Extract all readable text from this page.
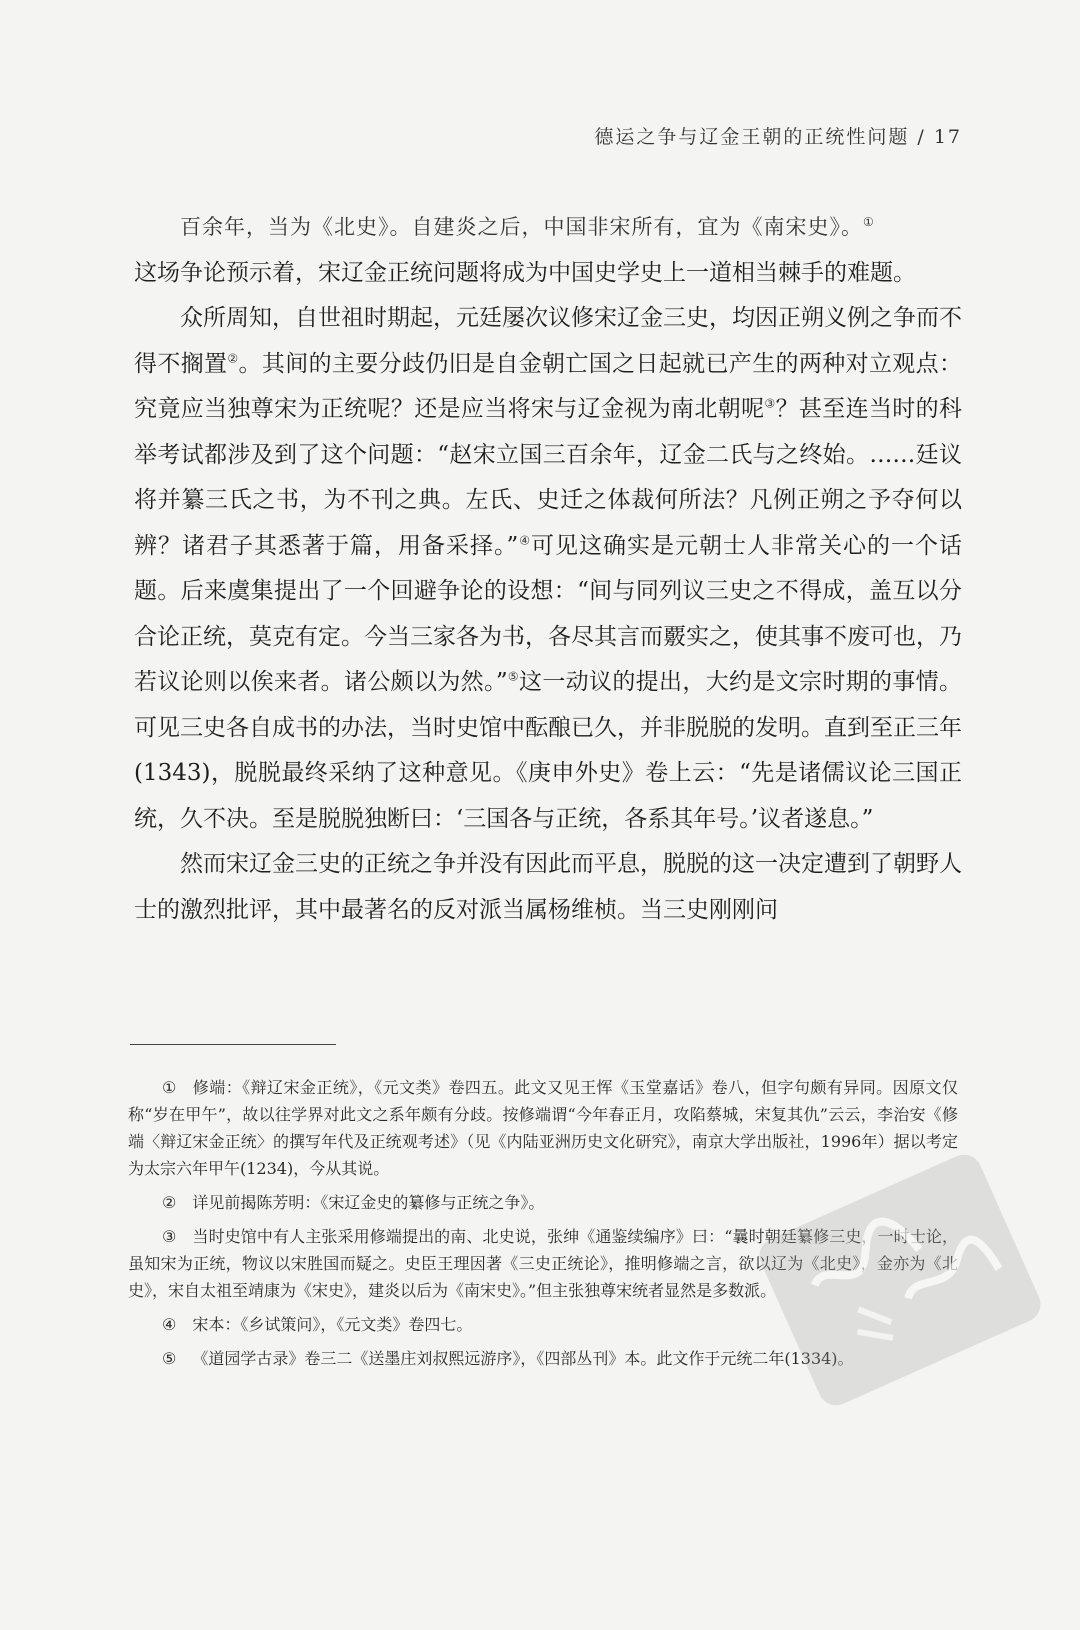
德运之争与辽金王朝的正统性问题 / 17

百余年，当为《北史》。自建炎之后，中国非宋所有，宜为《南宋史》。①

这场争论预示着，宋辽金正统问题将成为中国史学史上一道相当棘手的难题。

众所周知，自世祖时期起，元廷屡次议修宋辽金三史，均因正朔义例之争而不得不搁置②。其间的主要分歧仍旧是自金朝亡国之日起就已产生的两种对立观点：究竟应当独尊宋为正统呢？还是应当将宋与辽金视为南北朝呢③？甚至连当时的科举考试都涉及到了这个问题：“赵宋立国三百余年，辽金二氏与之终始。……廷议将并纂三氏之书，为不刊之典。左氏、史迁之体裁何所法？凡例正朔之予夺何以辨？诸君子其悉著于篇，用备采择。”④可见这确实是元朝士人非常关心的一个话题。后来虞集提出了一个回避争论的设想：“间与同列议三史之不得成，盖互以分合论正统，莫克有定。今当三家各为书，各尽其言而覈实之，使其事不废可也，乃若议论则以俟来者。诸公颇以为然。”⑤这一动议的提出，大约是文宗时期的事情。可见三史各自成书的办法，当时史馆中酝酿已久，并非脱脱的发明。直到至正三年(1343)，脱脱最终采纳了这种意见。《庚申外史》卷上云：“先是诸儒议论三国正统，久不决。至是脱脱独断曰：‘三国各与正统，各系其年号。’议者遂息。”

然而宋辽金三史的正统之争并没有因此而平息，脱脱的这一决定遭到了朝野人士的激烈批评，其中最著名的反对派当属杨维桢。当三史刚刚问

① 修端：《辩辽宋金正统》，《元文类》卷四五。此文又见王恽《玉堂嘉话》卷八，但字句颇有异同。因原文仅称“岁在甲午”，故以往学界对此文之系年颇有分歧。按修端谓“今年春正月，攻陷蔡城，宋复其仇”云云，李治安《修端〈辩辽宋金正统〉的撰写年代及正统观考述》（见《内陆亚洲历史文化研究》，南京大学出版社，1996年）据以考定为太宗六年甲午(1234)，今从其说。

② 详见前揭陈芳明：《宋辽金史的纂修与正统之争》。

③ 当时史馆中有人主张采用修端提出的南、北史说，张绅《通鉴续编序》曰：“曩时朝廷纂修三史，一时士论，虽知宋为正统，物议以宋胜国而疑之。史臣王理因著《三史正统论》，推明修端之言，欲以辽为《北史》，金亦为《北史》，宋自太祖至靖康为《宋史》，建炎以后为《南宋史》。”但主张独尊宋统者显然是多数派。

④ 宋本：《乡试策问》，《元文类》卷四七。

⑤ 《道园学古录》卷三二《送墨庄刘叔熙远游序》，《四部丛刊》本。此文作于元统二年(1334)。
